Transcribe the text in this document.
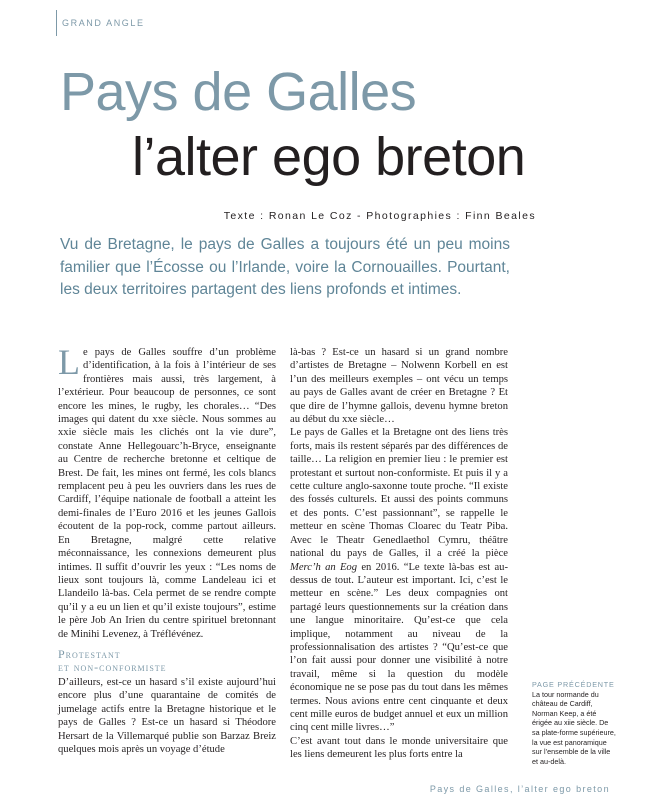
GRAND ANGLE
Pays de Galles
l’alter ego breton
Texte : Ronan Le Coz - Photographies : Finn Beales

Vu de Bretagne, le pays de Galles a toujours été un peu moins familier que l’Écosse ou l’Irlande, voire la Cornouailles. Pourtant, les deux territoires partagent des liens profonds et intimes.

Le pays de Galles souffre d’un problème d’identification, à la fois à l’intérieur de ses frontières mais aussi, très largement, à l’extérieur. Pour beaucoup de personnes, ce sont encore les mines, le rugby, les chorales… “Des images qui datent du xxe siècle. Nous sommes au xxie siècle mais les clichés ont la vie dure”, constate Anne Hellegouarc’h-Bryce, enseignante au Centre de recherche bretonne et celtique de Brest. De fait, les mines ont fermé, les cols blancs remplacent peu à peu les ouvriers dans les rues de Cardiff, l’équipe nationale de football a atteint les demi-finales de l’Euro 2016 et les jeunes Gallois écoutent de la pop-rock, comme partout ailleurs. En Bretagne, malgré cette relative méconnaissance, les connexions demeurent plus intimes. Il suffit d’ouvrir les yeux : “Les noms de lieux sont toujours là, comme Landeleau ici et Llandeilo là-bas. Cela permet de se rendre compte qu’il y a eu un lien et qu’il existe toujours”, estime le père Job An Irien du centre spirituel bretonnant de Minihi Levenez, à Tréflévénez.

Protestant
et non-conformiste

D’ailleurs, est-ce un hasard s’il existe aujourd’hui encore plus d’une quarantaine de comités de jumelage actifs entre la Bretagne historique et le pays de Galles ? Est-ce un hasard si Théodore Hersart de la Villemarqué publie son Barzaz Breiz quelques mois après un voyage d’étude

là-bas ? Est-ce un hasard si un grand nombre d’artistes de Bretagne – Nolwenn Korbell en est l’un des meilleurs exemples – ont vécu un temps au pays de Galles avant de créer en Bretagne ? Et que dire de l’hymne gallois, devenu hymne breton au début du xxe siècle…

Le pays de Galles et la Bretagne ont des liens très forts, mais ils restent séparés par des différences de taille… La religion en premier lieu : le premier est protestant et surtout non-conformiste. Et puis il y a cette culture anglo-saxonne toute proche. “Il existe des fossés culturels. Et aussi des points communs et des ponts. C’est passionnant”, se rappelle le metteur en scène Thomas Cloarec du Teatr Piba. Avec le Theatr Genedlaethol Cymru, théâtre national du pays de Galles, il a créé la pièce Merc’h an Eog en 2016. “Le texte là-bas est au-dessus de tout. L’auteur est important. Ici, c’est le metteur en scène.” Les deux compagnies ont partagé leurs questionnements sur la création dans une langue minoritaire. Qu’est-ce que cela implique, notamment au niveau de la professionnalisation des artistes ? “Qu’est-ce que l’on fait aussi pour donner une visibilité à notre travail, même si la question du modèle économique ne se pose pas du tout dans les mêmes termes. Nous avions entre cent cinquante et deux cent mille euros de budget annuel et eux un million cinq cent mille livres…”

C’est avant tout dans le monde universitaire que les liens demeurent les plus forts entre la

PAGE PRÉCÉDENTE
La tour normande du château de Cardiff, Norman Keep, a été érigée au xiie siècle. De sa plate-forme supérieure, la vue est panoramique sur l’ensemble de la ville et au-delà.
Pays de Galles, l’alter ego breton
